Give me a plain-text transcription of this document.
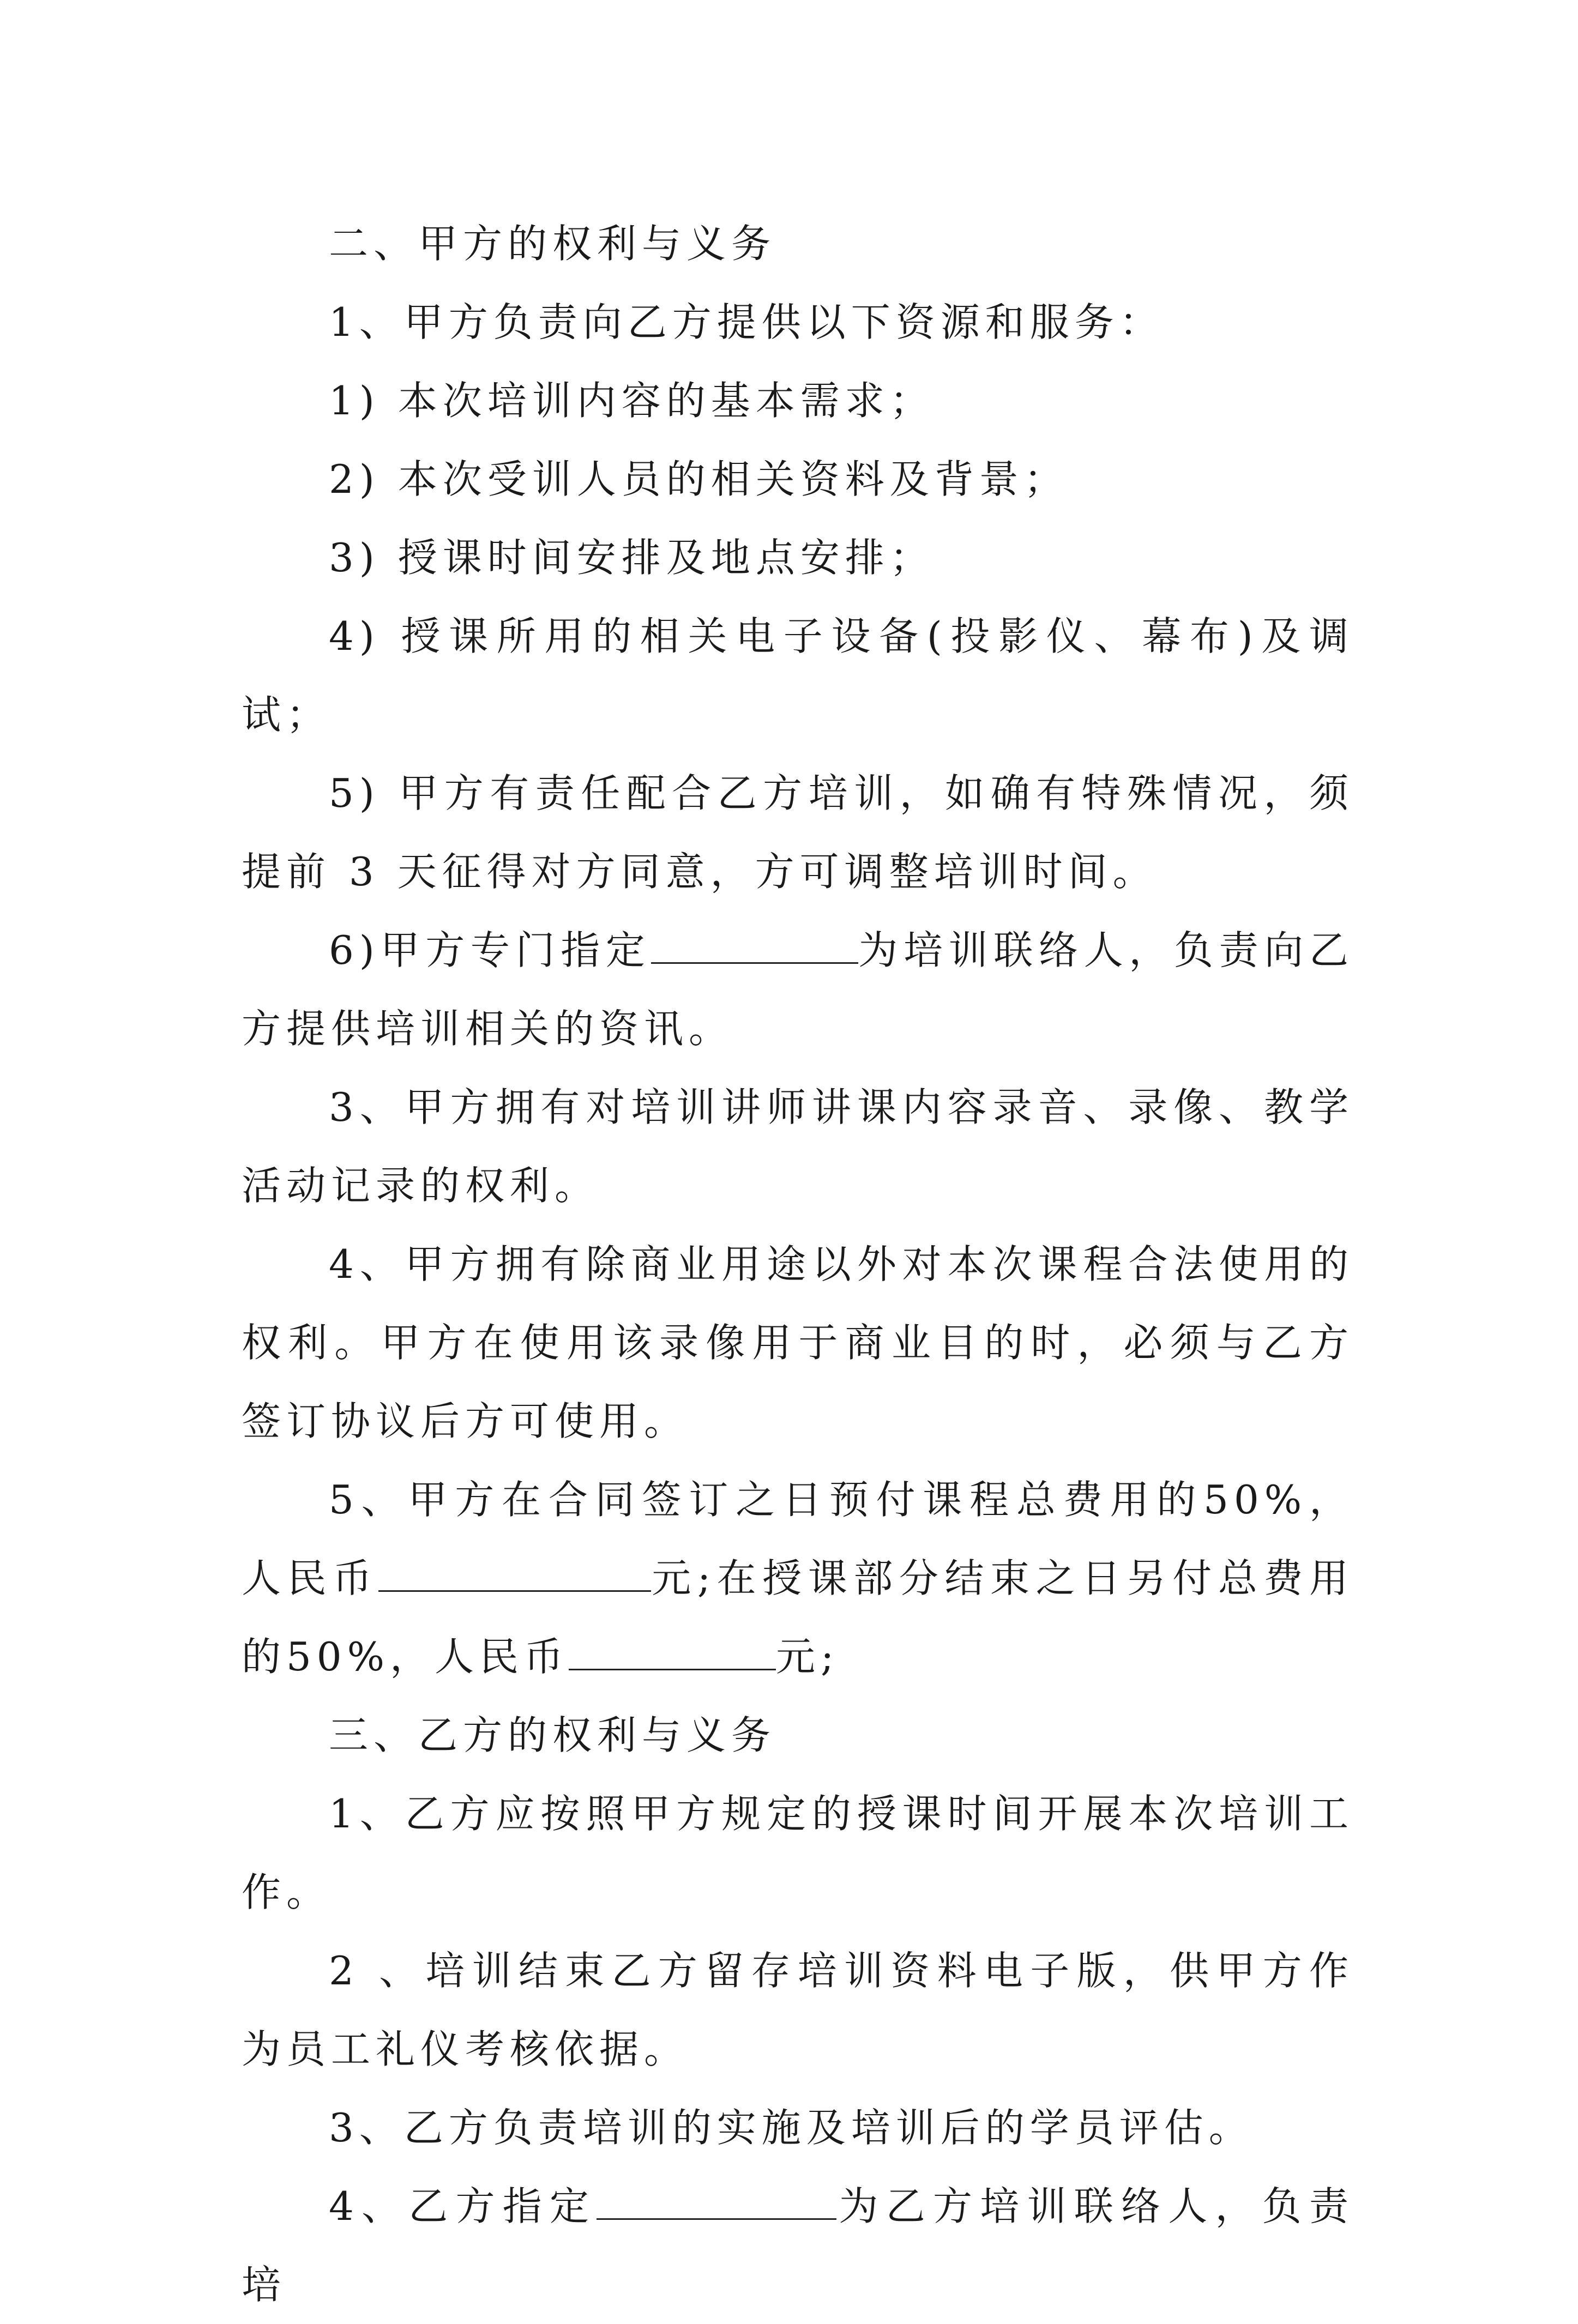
二、甲方的权利与义务

1、甲方负责向乙方提供以下资源和服务：

1) 本次培训内容的基本需求；

2) 本次受训人员的相关资料及背景；

3) 授课时间安排及地点安排；

4) 授课所用的相关电子设备(投影仪、幕布)及调试；

5) 甲方有责任配合乙方培训，如确有特殊情况，须提前 3 天征得对方同意，方可调整培训时间。

6)甲方专门指定	为培训联络人，负责向乙方提供培训相关的资讯。

3、甲方拥有对培训讲师讲课内容录音、录像、教学活动记录的权利。

4、甲方拥有除商业用途以外对本次课程合法使用的权利。甲方在使用该录像用于商业目的时，必须与乙方签订协议后方可使用。

5、甲方在合同签订之日预付课程总费用的50%，人民币	元;在授课部分结束之日另付总费用的50%，人民币	元;

三、乙方的权利与义务

1、乙方应按照甲方规定的授课时间开展本次培训工作。

2 、培训结束乙方留存培训资料电子版，供甲方作为员工礼仪考核依据。

3、乙方负责培训的实施及培训后的学员评估。

4、乙方指定	为乙方培训联络人，负责培
